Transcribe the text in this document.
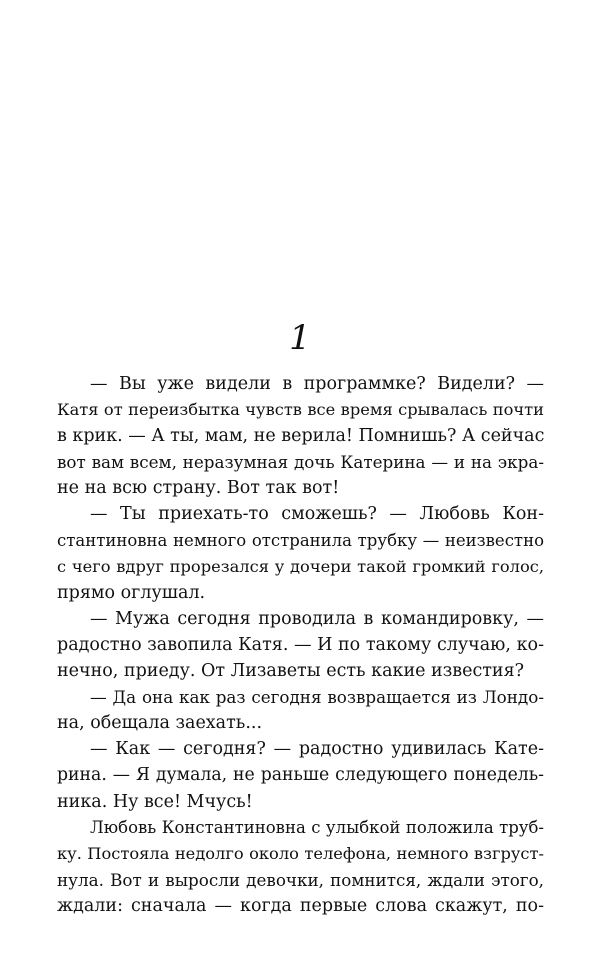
1
— Вы уже видели в программке? Видели? —
Катя от переизбытка чувств все время срывалась почти
в крик. — А ты, мам, не верила! Помнишь? А сейчас
вот вам всем, неразумная дочь Катерина — и на экра-
не на всю страну. Вот так вот!
— Ты приехать-то сможешь? — Любовь Кон-
стантиновна немного отстранила трубку — неизвестно
с чего вдруг прорезался у дочери такой громкий голос,
прямо оглушал.
— Мужа сегодня проводила в командировку, —
радостно завопила Катя. — И по такому случаю, ко-
нечно, приеду. От Лизаветы есть какие известия?
— Да она как раз сегодня возвращается из Лондо-
на, обещала заехать...
— Как — сегодня? — радостно удивилась Кате-
рина. — Я думала, не раньше следующего понедель-
ника. Ну все! Мчусь!
Любовь Константиновна с улыбкой положила труб-
ку. Постояла недолго около телефона, немного взгруст-
нула. Вот и выросли девочки, помнится, ждали этого,
ждали: сначала — когда первые слова скажут, по-
